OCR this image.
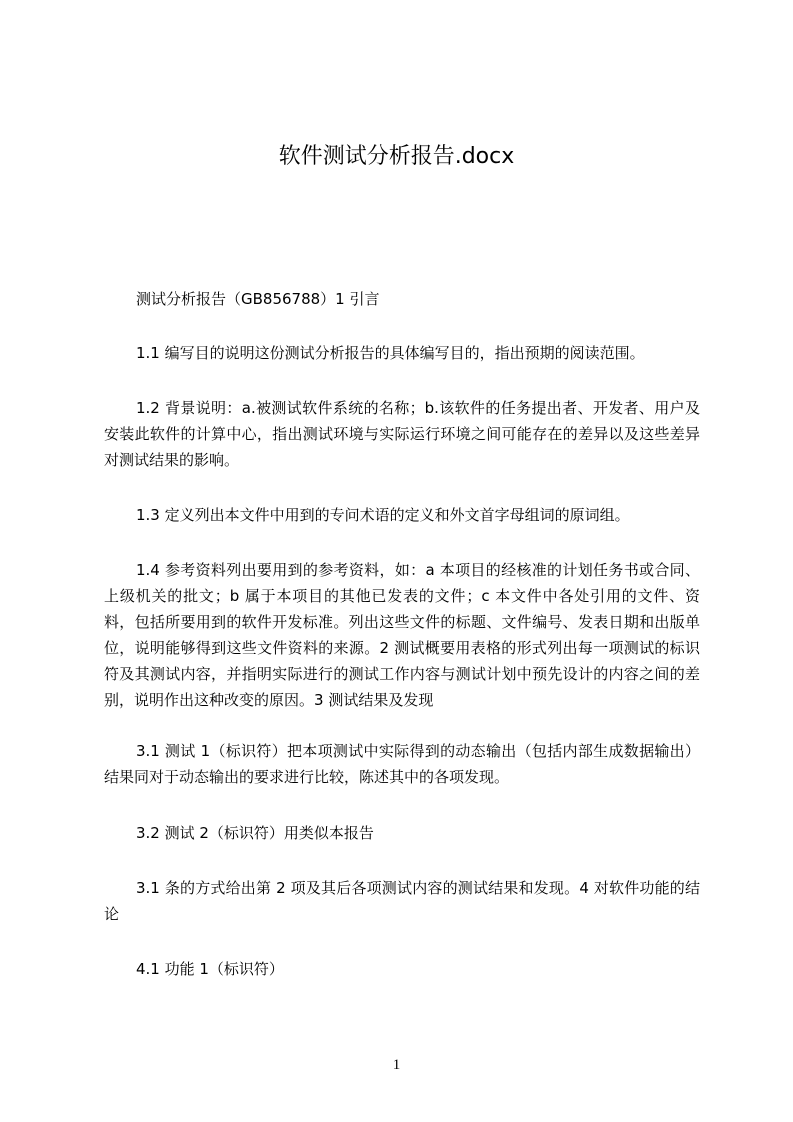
软件测试分析报告.docx

测试分析报告（GB856788）1 引言

1.1 编写目的说明这份测试分析报告的具体编写目的，指出预期的阅读范围。

1.2 背景说明：a.被测试软件系统的名称；b.该软件的任务提出者、开发者、用户及安装此软件的计算中心，指出测试环境与实际运行环境之间可能存在的差异以及这些差异对测试结果的影响。

1.3 定义列出本文件中用到的专问术语的定义和外文首字母组词的原词组。

1.4 参考资料列出要用到的参考资料，如：a 本项目的经核准的计划任务书或合同、上级机关的批文；b 属于本项目的其他已发表的文件；c 本文件中各处引用的文件、资料，包括所要用到的软件开发标准。列出这些文件的标题、文件编号、发表日期和出版单位，说明能够得到这些文件资料的来源。2 测试概要用表格的形式列出每一项测试的标识符及其测试内容，并指明实际进行的测试工作内容与测试计划中预先设计的内容之间的差别，说明作出这种改变的原因。3 测试结果及发现

3.1 测试 1（标识符）把本项测试中实际得到的动态输出（包括内部生成数据输出）结果同对于动态输出的要求进行比较，陈述其中的各项发现。

3.2 测试 2（标识符）用类似本报告

3.1 条的方式给出第 2 项及其后各项测试内容的测试结果和发现。4 对软件功能的结论

4.1 功能 1（标识符）

1
